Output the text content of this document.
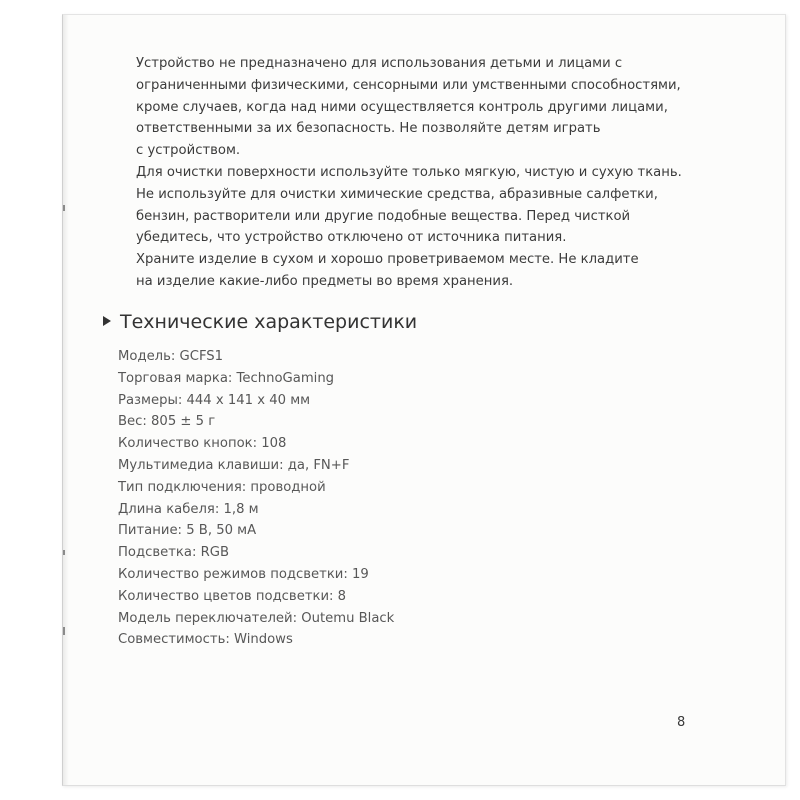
Устройство не предназначено для использования детьми и лицами с
ограниченными физическими, сенсорными или умственными способностями,
кроме случаев, когда над ними осуществляется контроль другими лицами,
ответственными за их безопасность. Не позволяйте детям играть
с устройством.
Для очистки поверхности используйте только мягкую, чистую и сухую ткань.
Не используйте для очистки химические средства, абразивные салфетки,
бензин, растворители или другие подобные вещества. Перед чисткой
убедитесь, что устройство отключено от источника питания.
Храните изделие в сухом и хорошо проветриваемом месте. Не кладите
на изделие какие-либо предметы во время хранения.

Технические характеристики
Модель: GCFS1
Торговая марка: TechnoGaming
Размеры: 444 x 141 x 40 мм
Вес: 805 ± 5 г
Количество кнопок: 108
Мультимедиа клавиши: да, FN+F
Тип подключения: проводной
Длина кабеля: 1,8 м
Питание: 5 В, 50 мА
Подсветка: RGB
Количество режимов подсветки: 19
Количество цветов подсветки: 8
Модель переключателей: Outemu Black
Совместимость: Windows
8
